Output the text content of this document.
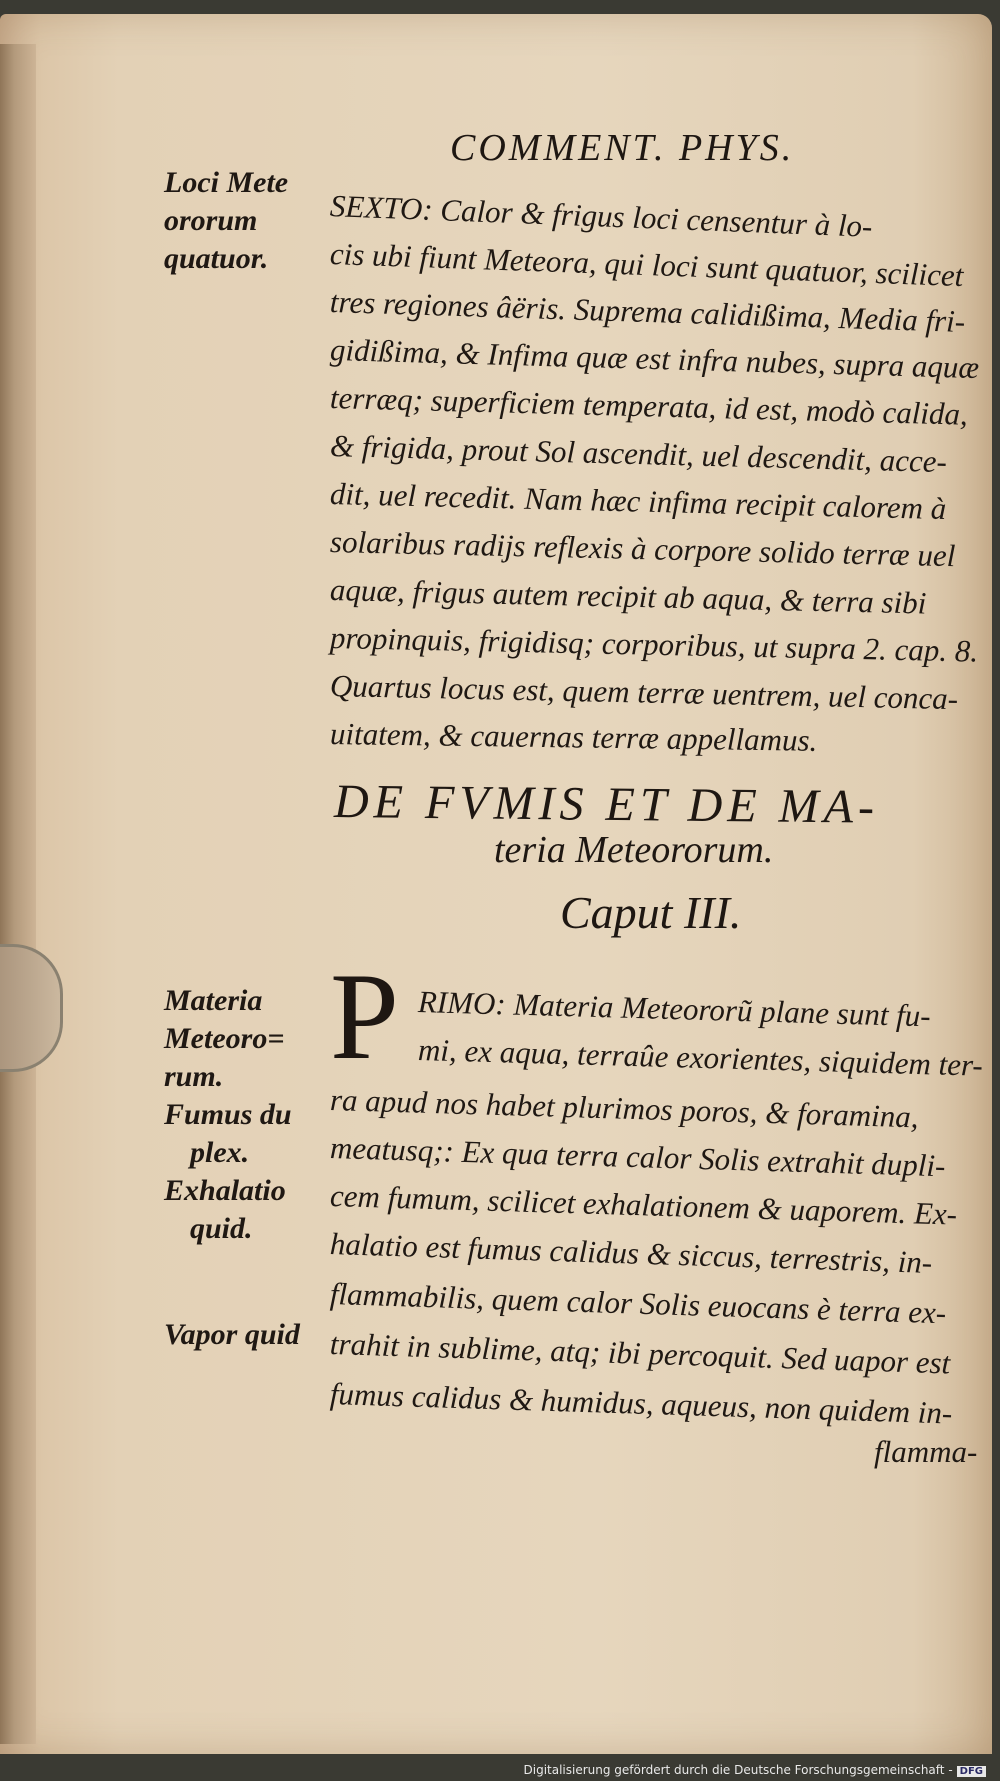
COMMENT. PHYS.
Loci Mete
ororum
quatuor.
Materia
Meteoro=
rum.
Fumus du
plex.
Exhalatio
quid.
Vapor quid
SEXTO: Calor & frigus loci censentur à lo-
cis ubi fiunt Meteora, qui loci sunt quatuor, scilicet
tres regiones âëris. Suprema calidißima, Media fri-
gidißima, & Infima quæ est infra nubes, supra aquæ
terræq; superficiem temperata, id est, modò calida,
& frigida, prout Sol ascendit, uel descendit, acce-
dit, uel recedit. Nam hæc infima recipit calorem à
solaribus radijs reflexis à corpore solido terræ uel
aquæ, frigus autem recipit ab aqua, & terra sibi
propinquis, frigidisq; corporibus, ut supra 2. cap. 8.
Quartus locus est, quem terræ uentrem, uel conca-
uitatem, & cauernas terræ appellamus.
DE FVMIS ET DE MA-
teria Meteororum.
Caput III.
P RIMO: Materia Meteororũ plane sunt fu-
mi, ex aqua, terraûe exorientes, siquidem ter-
ra apud nos habet plurimos poros, & foramina,
meatusq;: Ex qua terra calor Solis extrahit dupli-
cem fumum, scilicet exhalationem & uaporem. Ex-
halatio est fumus calidus & siccus, terrestris, in-
flammabilis, quem calor Solis euocans è terra ex-
trahit in sublime, atq; ibi percoquit. Sed uapor est
fumus calidus & humidus, aqueus, non quidem in-
flamma-
Digitalisierung gefördert durch die Deutsche Forschungsgemeinschaft - DFG
